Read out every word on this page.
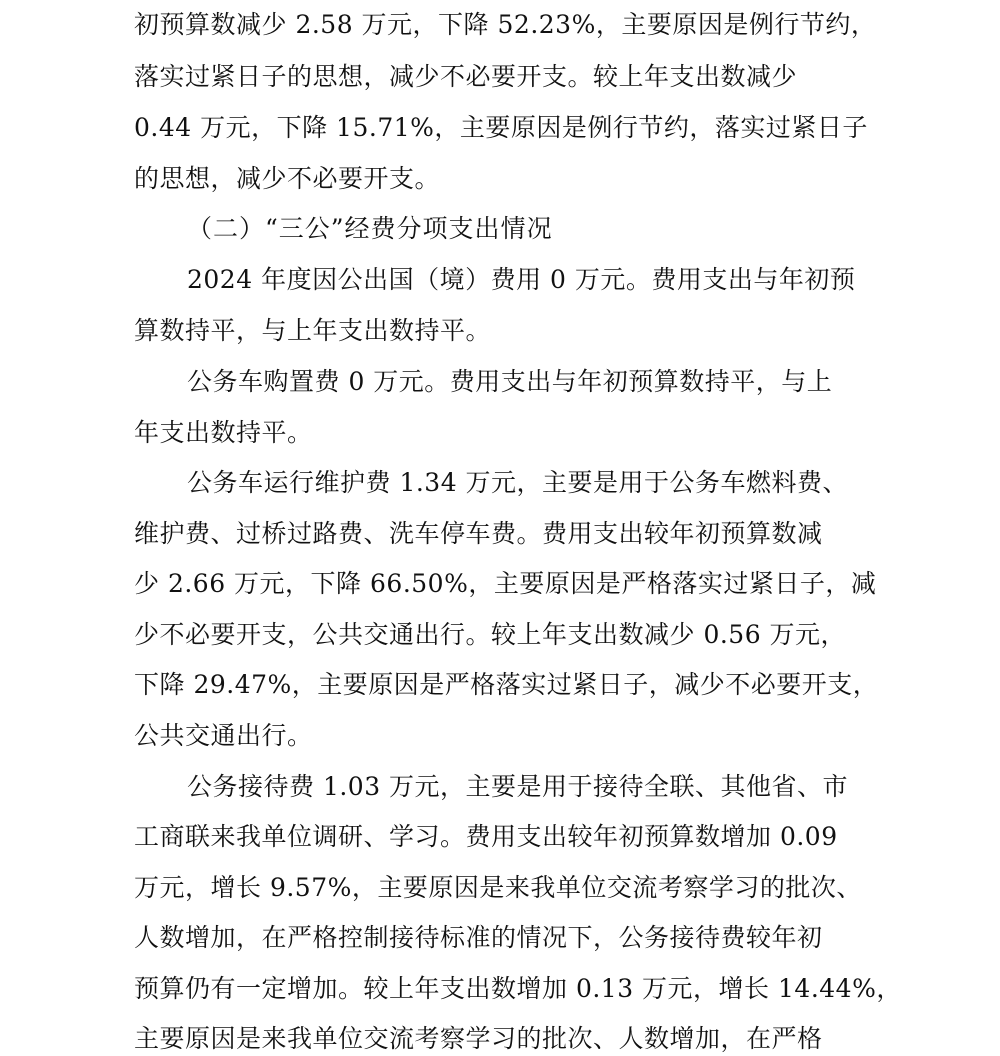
初预算数减少 2.58 万元，下降 52.23%，主要原因是例行节约，
落实过紧日子的思想，减少不必要开支。较上年支出数减少
0.44 万元，下降 15.71%，主要原因是例行节约，落实过紧日子
的思想，减少不必要开支。
（二）“三公”经费分项支出情况
2024 年度因公出国（境）费用 0 万元。费用支出与年初预
算数持平，与上年支出数持平。
公务车购置费 0 万元。费用支出与年初预算数持平，与上
年支出数持平。
公务车运行维护费 1.34 万元，主要是用于公务车燃料费、
维护费、过桥过路费、洗车停车费。费用支出较年初预算数减
少 2.66 万元，下降 66.50%，主要原因是严格落实过紧日子，减
少不必要开支，公共交通出行。较上年支出数减少 0.56 万元，
下降 29.47%，主要原因是严格落实过紧日子，减少不必要开支，
公共交通出行。
公务接待费 1.03 万元，主要是用于接待全联、其他省、市
工商联来我单位调研、学习。费用支出较年初预算数增加 0.09
万元，增长 9.57%，主要原因是来我单位交流考察学习的批次、
人数增加，在严格控制接待标准的情况下，公务接待费较年初
预算仍有一定增加。较上年支出数增加 0.13 万元，增长 14.44%，
主要原因是来我单位交流考察学习的批次、人数增加，在严格
